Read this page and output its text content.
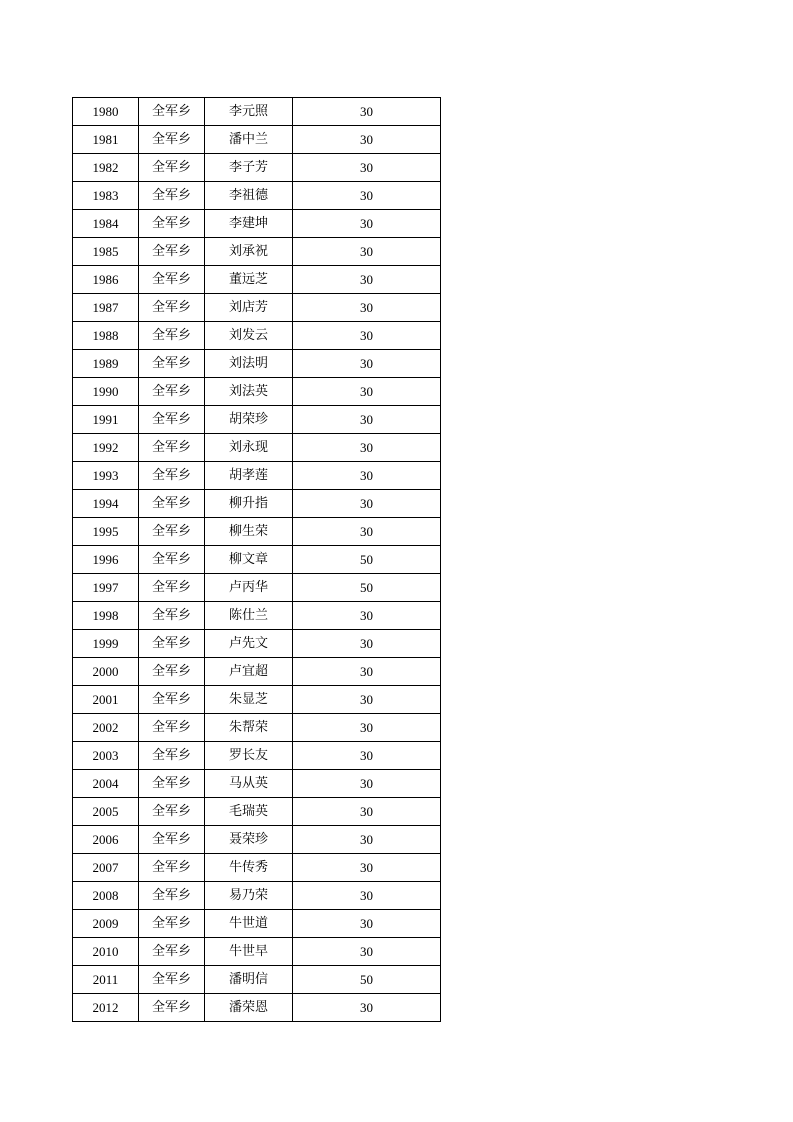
1980	全军乡	李元照	30
1981	全军乡	潘中兰	30
1982	全军乡	李子芳	30
1983	全军乡	李祖德	30
1984	全军乡	李建坤	30
1985	全军乡	刘承祝	30
1986	全军乡	董远芝	30
1987	全军乡	刘店芳	30
1988	全军乡	刘发云	30
1989	全军乡	刘法明	30
1990	全军乡	刘法英	30
1991	全军乡	胡荣珍	30
1992	全军乡	刘永现	30
1993	全军乡	胡孝莲	30
1994	全军乡	柳升指	30
1995	全军乡	柳生荣	30
1996	全军乡	柳文章	50
1997	全军乡	卢丙华	50
1998	全军乡	陈仕兰	30
1999	全军乡	卢先文	30
2000	全军乡	卢宜超	30
2001	全军乡	朱显芝	30
2002	全军乡	朱帮荣	30
2003	全军乡	罗长友	30
2004	全军乡	马从英	30
2005	全军乡	毛瑞英	30
2006	全军乡	聂荣珍	30
2007	全军乡	牛传秀	30
2008	全军乡	易乃荣	30
2009	全军乡	牛世道	30
2010	全军乡	牛世早	30
2011	全军乡	潘明信	50
2012	全军乡	潘荣恩	30
